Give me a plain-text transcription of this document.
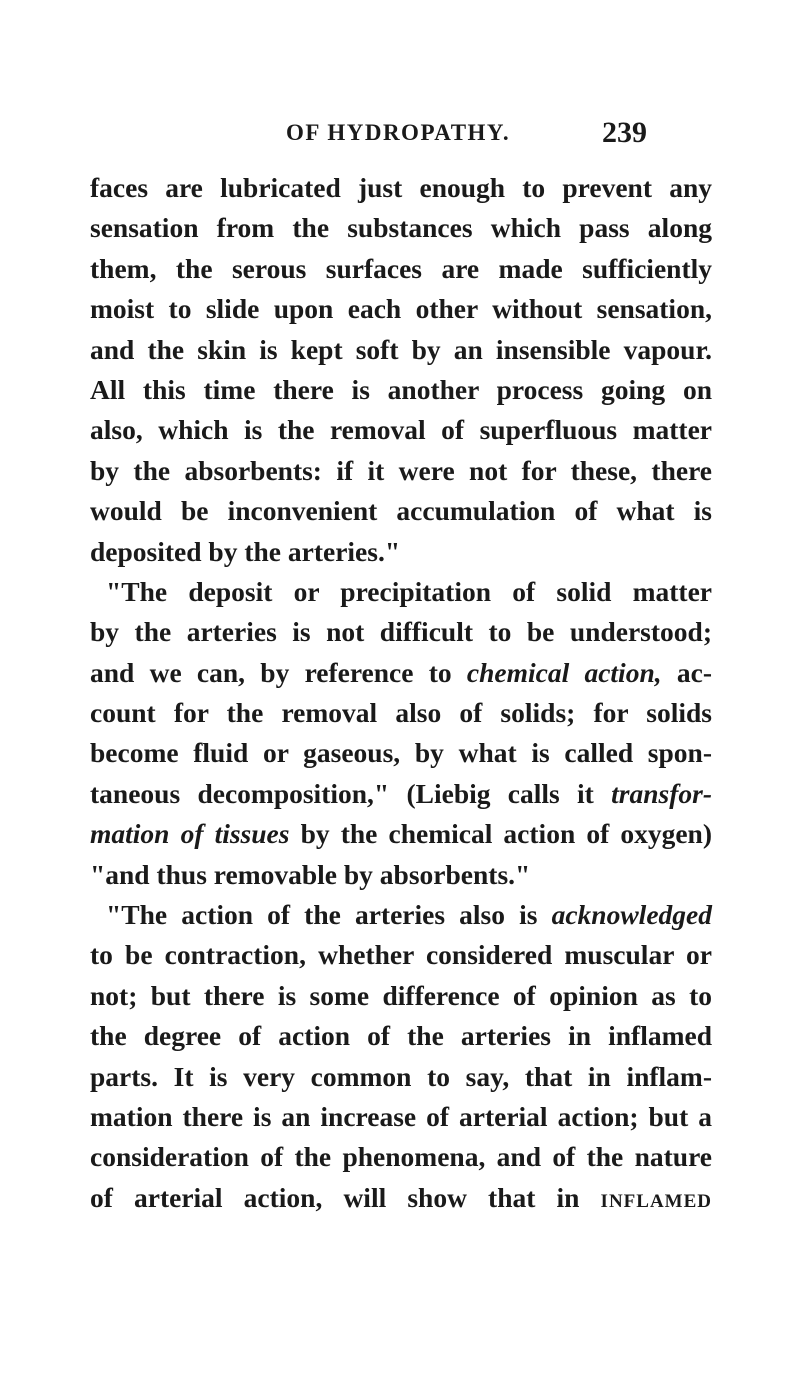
OF HYDROPATHY.	239
faces are lubricated just enough to prevent any
sensation from the substances which pass along
them, the serous surfaces are made sufficiently
moist to slide upon each other without sensation,
and the skin is kept soft by an insensible vapour.
All this time there is another process going on
also, which is the removal of superfluous matter
by the absorbents: if it were not for these, there
would be inconvenient accumulation of what is
deposited by the arteries."
"The deposit or precipitation of solid matter
by the arteries is not difficult to be understood;
and we can, by reference to chemical action, ac-
count for the removal also of solids; for solids
become fluid or gaseous, by what is called spon-
taneous decomposition," (Liebig calls it transfor-
mation of tissues by the chemical action of oxygen)
"and thus removable by absorbents."
"The action of the arteries also is acknowledged
to be contraction, whether considered muscular or
not; but there is some difference of opinion as to
the degree of action of the arteries in inflamed
parts. It is very common to say, that in inflam-
mation there is an increase of arterial action; but a
consideration of the phenomena, and of the nature
of arterial action, will show that in inflamed
